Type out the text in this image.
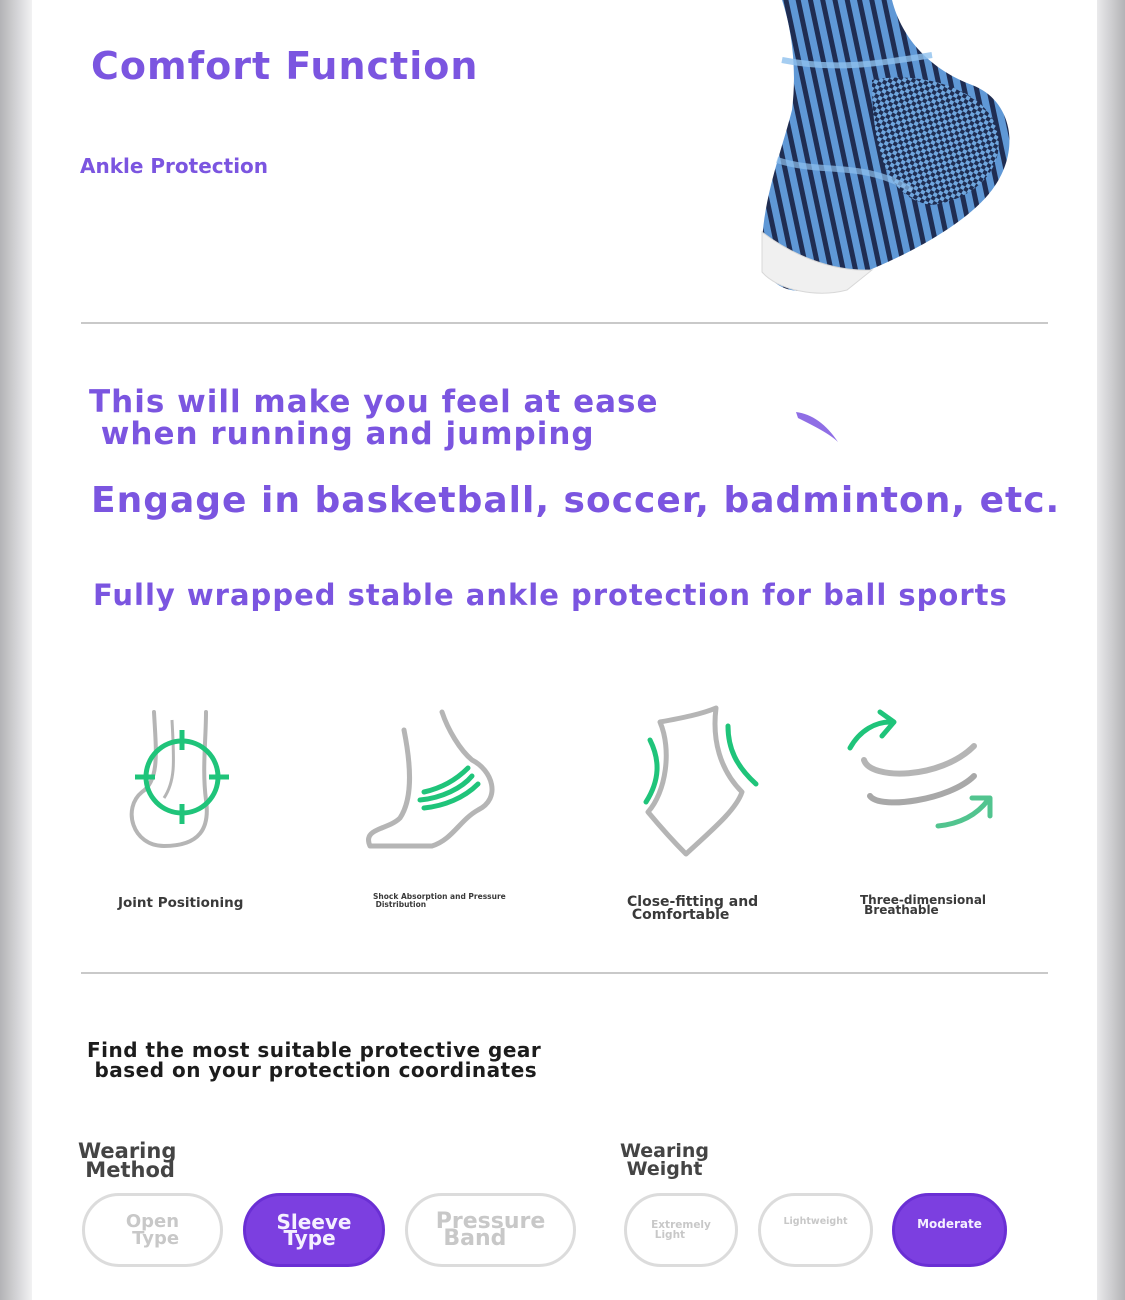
Comfort Function
Ankle Protection
This will make you feel at ease
when running and jumping
Engage in basketball, soccer, badminton, etc.
Fully wrapped stable ankle protection for ball sports
Joint Positioning	Shock Absorption and Pressure
Distribution	Close-fitting and
Comfortable
Three-dimensional
Breathable
Find the most suitable protective gear
based on your protection coordinates
Wearing
Method
Wearing
Weight
Open
Type
Sleeve
Type
Pressure
Band
Extremely
Light
Lightweight	Moderate
